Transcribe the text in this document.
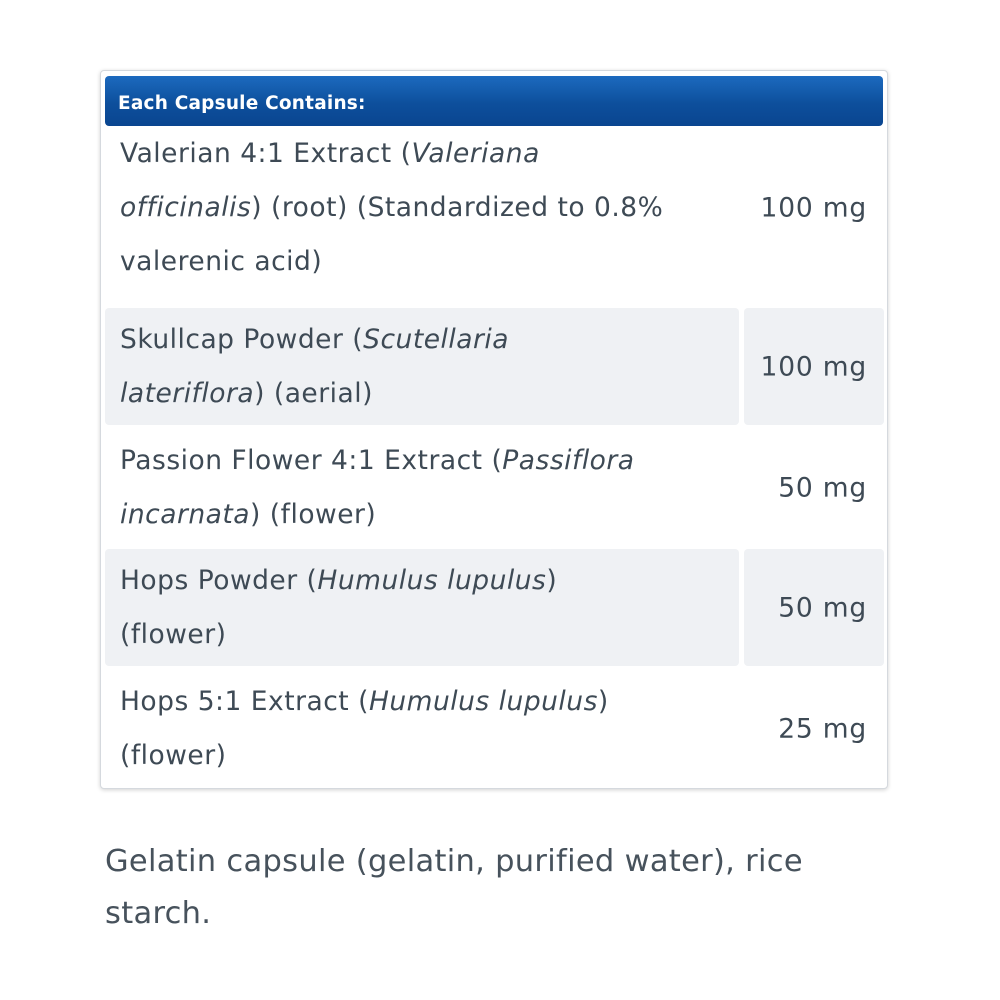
Each Capsule Contains:
Valerian 4:1 Extract (Valeriana
officinalis) (root) (Standardized to 0.8%
valerenic acid)
100 mg
Skullcap Powder (Scutellaria
lateriflora) (aerial)
100 mg
Passion Flower 4:1 Extract (Passiflora
incarnata) (flower)
50 mg
Hops Powder (Humulus lupulus)
(flower)
50 mg
Hops 5:1 Extract (Humulus lupulus)
(flower)
25 mg
Gelatin capsule (gelatin, purified water), rice
starch.
